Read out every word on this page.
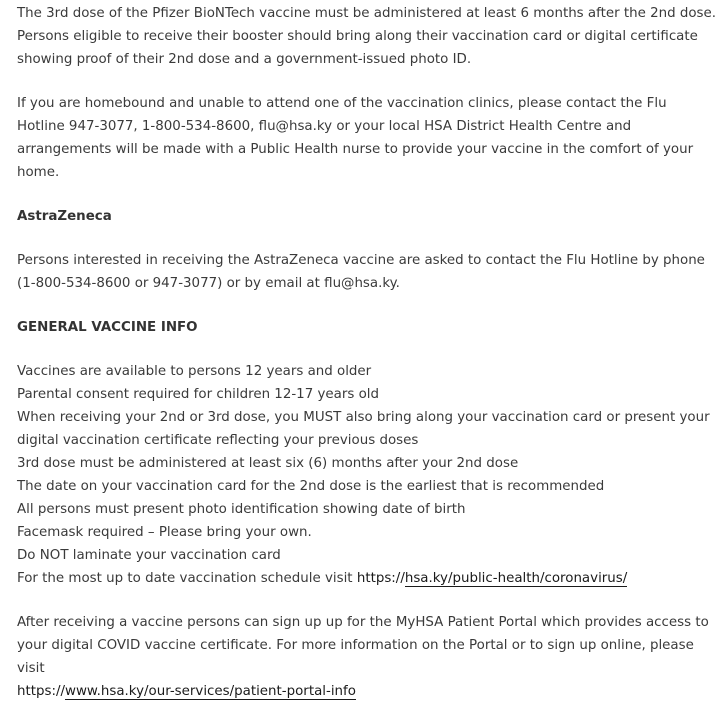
The 3rd dose of the Pfizer BioNTech vaccine must be administered at least 6 months after the 2nd dose. Persons eligible to receive their booster should bring along their vaccination card or digital certificate showing proof of their 2nd dose and a government-issued photo ID.

If you are homebound and unable to attend one of the vaccination clinics, please contact the Flu Hotline 947-3077, 1-800-534-8600, flu@hsa.ky or your local HSA District Health Centre and arrangements will be made with a Public Health nurse to provide your vaccine in the comfort of your home.

AstraZeneca

Persons interested in receiving the AstraZeneca vaccine are asked to contact the Flu Hotline by phone (1-800-534-8600 or 947-3077) or by email at flu@hsa.ky.

GENERAL VACCINE INFO
Vaccines are available to persons 12 years and older
Parental consent required for children 12-17 years old
When receiving your 2nd or 3rd dose, you MUST also bring along your vaccination card or present your digital vaccination certificate reflecting your previous doses
3rd dose must be administered at least six (6) months after your 2nd dose
The date on your vaccination card for the 2nd dose is the earliest that is recommended
All persons must present photo identification showing date of birth
Facemask required – Please bring your own.
Do NOT laminate your vaccination card
For the most up to date vaccination schedule visit https://hsa.ky/public-health/coronavirus/

After receiving a vaccine persons can sign up up for the MyHSA Patient Portal which provides access to your digital COVID vaccine certificate. For more information on the Portal or to sign up online, please visit
https://www.hsa.ky/our-services/patient-portal-info
